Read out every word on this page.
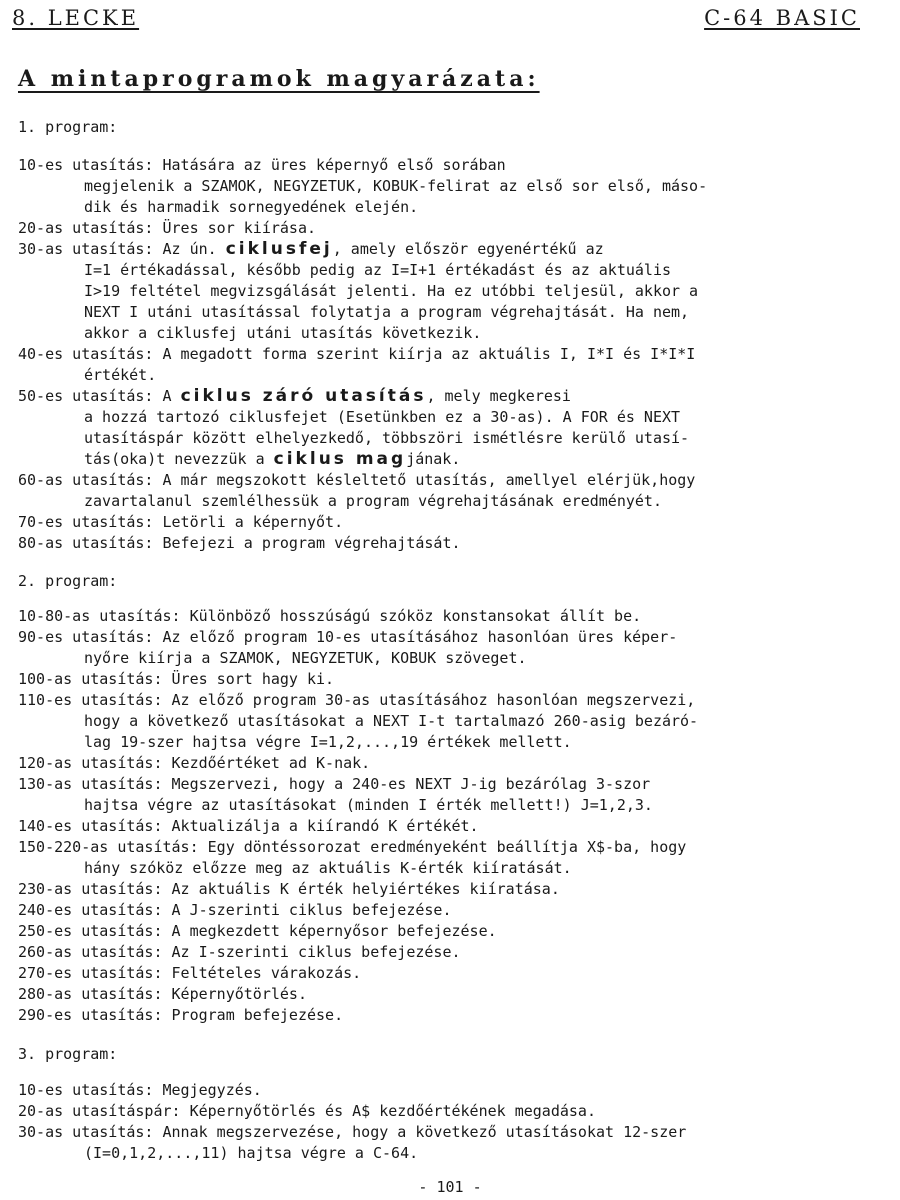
8. LECKE	C-64 BASIC
A mintaprogramok magyarázata:
1. program:
10-es utasítás: Hatására az üres képernyő első sorában
megjelenik a SZAMOK, NEGYZETUK, KOBUK-felirat az első sor első, máso-
dik és harmadik sornegyedének elején.
20-as utasítás: Üres sor kiírása.
30-as utasítás: Az ún. ciklusfej, amely először egyenértékű az
I=1 értékadással, később pedig az I=I+1 értékadást és az aktuális
I>19 feltétel megvizsgálását jelenti. Ha ez utóbbi teljesül, akkor a
NEXT I utáni utasítással folytatja a program végrehajtását. Ha nem,
akkor a ciklusfej utáni utasítás következik.
40-es utasítás: A megadott forma szerint kiírja az aktuális I, I*I és I*I*I
értékét.
50-es utasítás: A ciklus záró utasítás, mely megkeresi
a hozzá tartozó ciklusfejet (Esetünkben ez a 30-as). A FOR és NEXT
utasításpár között elhelyezkedő, többszöri ismétlésre kerülő utasí-
tás(oka)t nevezzük a ciklus magjának.
60-as utasítás: A már megszokott késleltető utasítás, amellyel elérjük,hogy
zavartalanul szemlélhessük a program végrehajtásának eredményét.
70-es utasítás: Letörli a képernyőt.
80-as utasítás: Befejezi a program végrehajtását.
2. program:
10-80-as utasítás: Különböző hosszúságú szóköz konstansokat állít be.
90-es utasítás: Az előző program 10-es utasításához hasonlóan üres képer-
nyőre kiírja a SZAMOK, NEGYZETUK, KOBUK szöveget.
100-as utasítás: Üres sort hagy ki.
110-es utasítás: Az előző program 30-as utasításához hasonlóan megszervezi,
hogy a következő utasításokat a NEXT I-t tartalmazó 260-asig bezáró-
lag 19-szer hajtsa végre I=1,2,...,19 értékek mellett.
120-as utasítás: Kezdőértéket ad K-nak.
130-as utasítás: Megszervezi, hogy a 240-es NEXT J-ig bezárólag 3-szor
hajtsa végre az utasításokat (minden I érték mellett!) J=1,2,3.
140-es utasítás: Aktualizálja a kiírandó K értékét.
150-220-as utasítás: Egy döntéssorozat eredményeként beállítja X$-ba, hogy
hány szóköz előzze meg az aktuális K-érték kiíratását.
230-as utasítás: Az aktuális K érték helyiértékes kiíratása.
240-es utasítás: A J-szerinti ciklus befejezése.
250-es utasítás: A megkezdett képernyősor befejezése.
260-as utasítás: Az I-szerinti ciklus befejezése.
270-es utasítás: Feltételes várakozás.
280-as utasítás: Képernyőtörlés.
290-es utasítás: Program befejezése.
3. program:
10-es utasítás: Megjegyzés.
20-as utasításpár: Képernyőtörlés és A$ kezdőértékének megadása.
30-as utasítás: Annak megszervezése, hogy a következő utasításokat 12-szer
(I=0,1,2,...,11) hajtsa végre a C-64.
- 101 -
